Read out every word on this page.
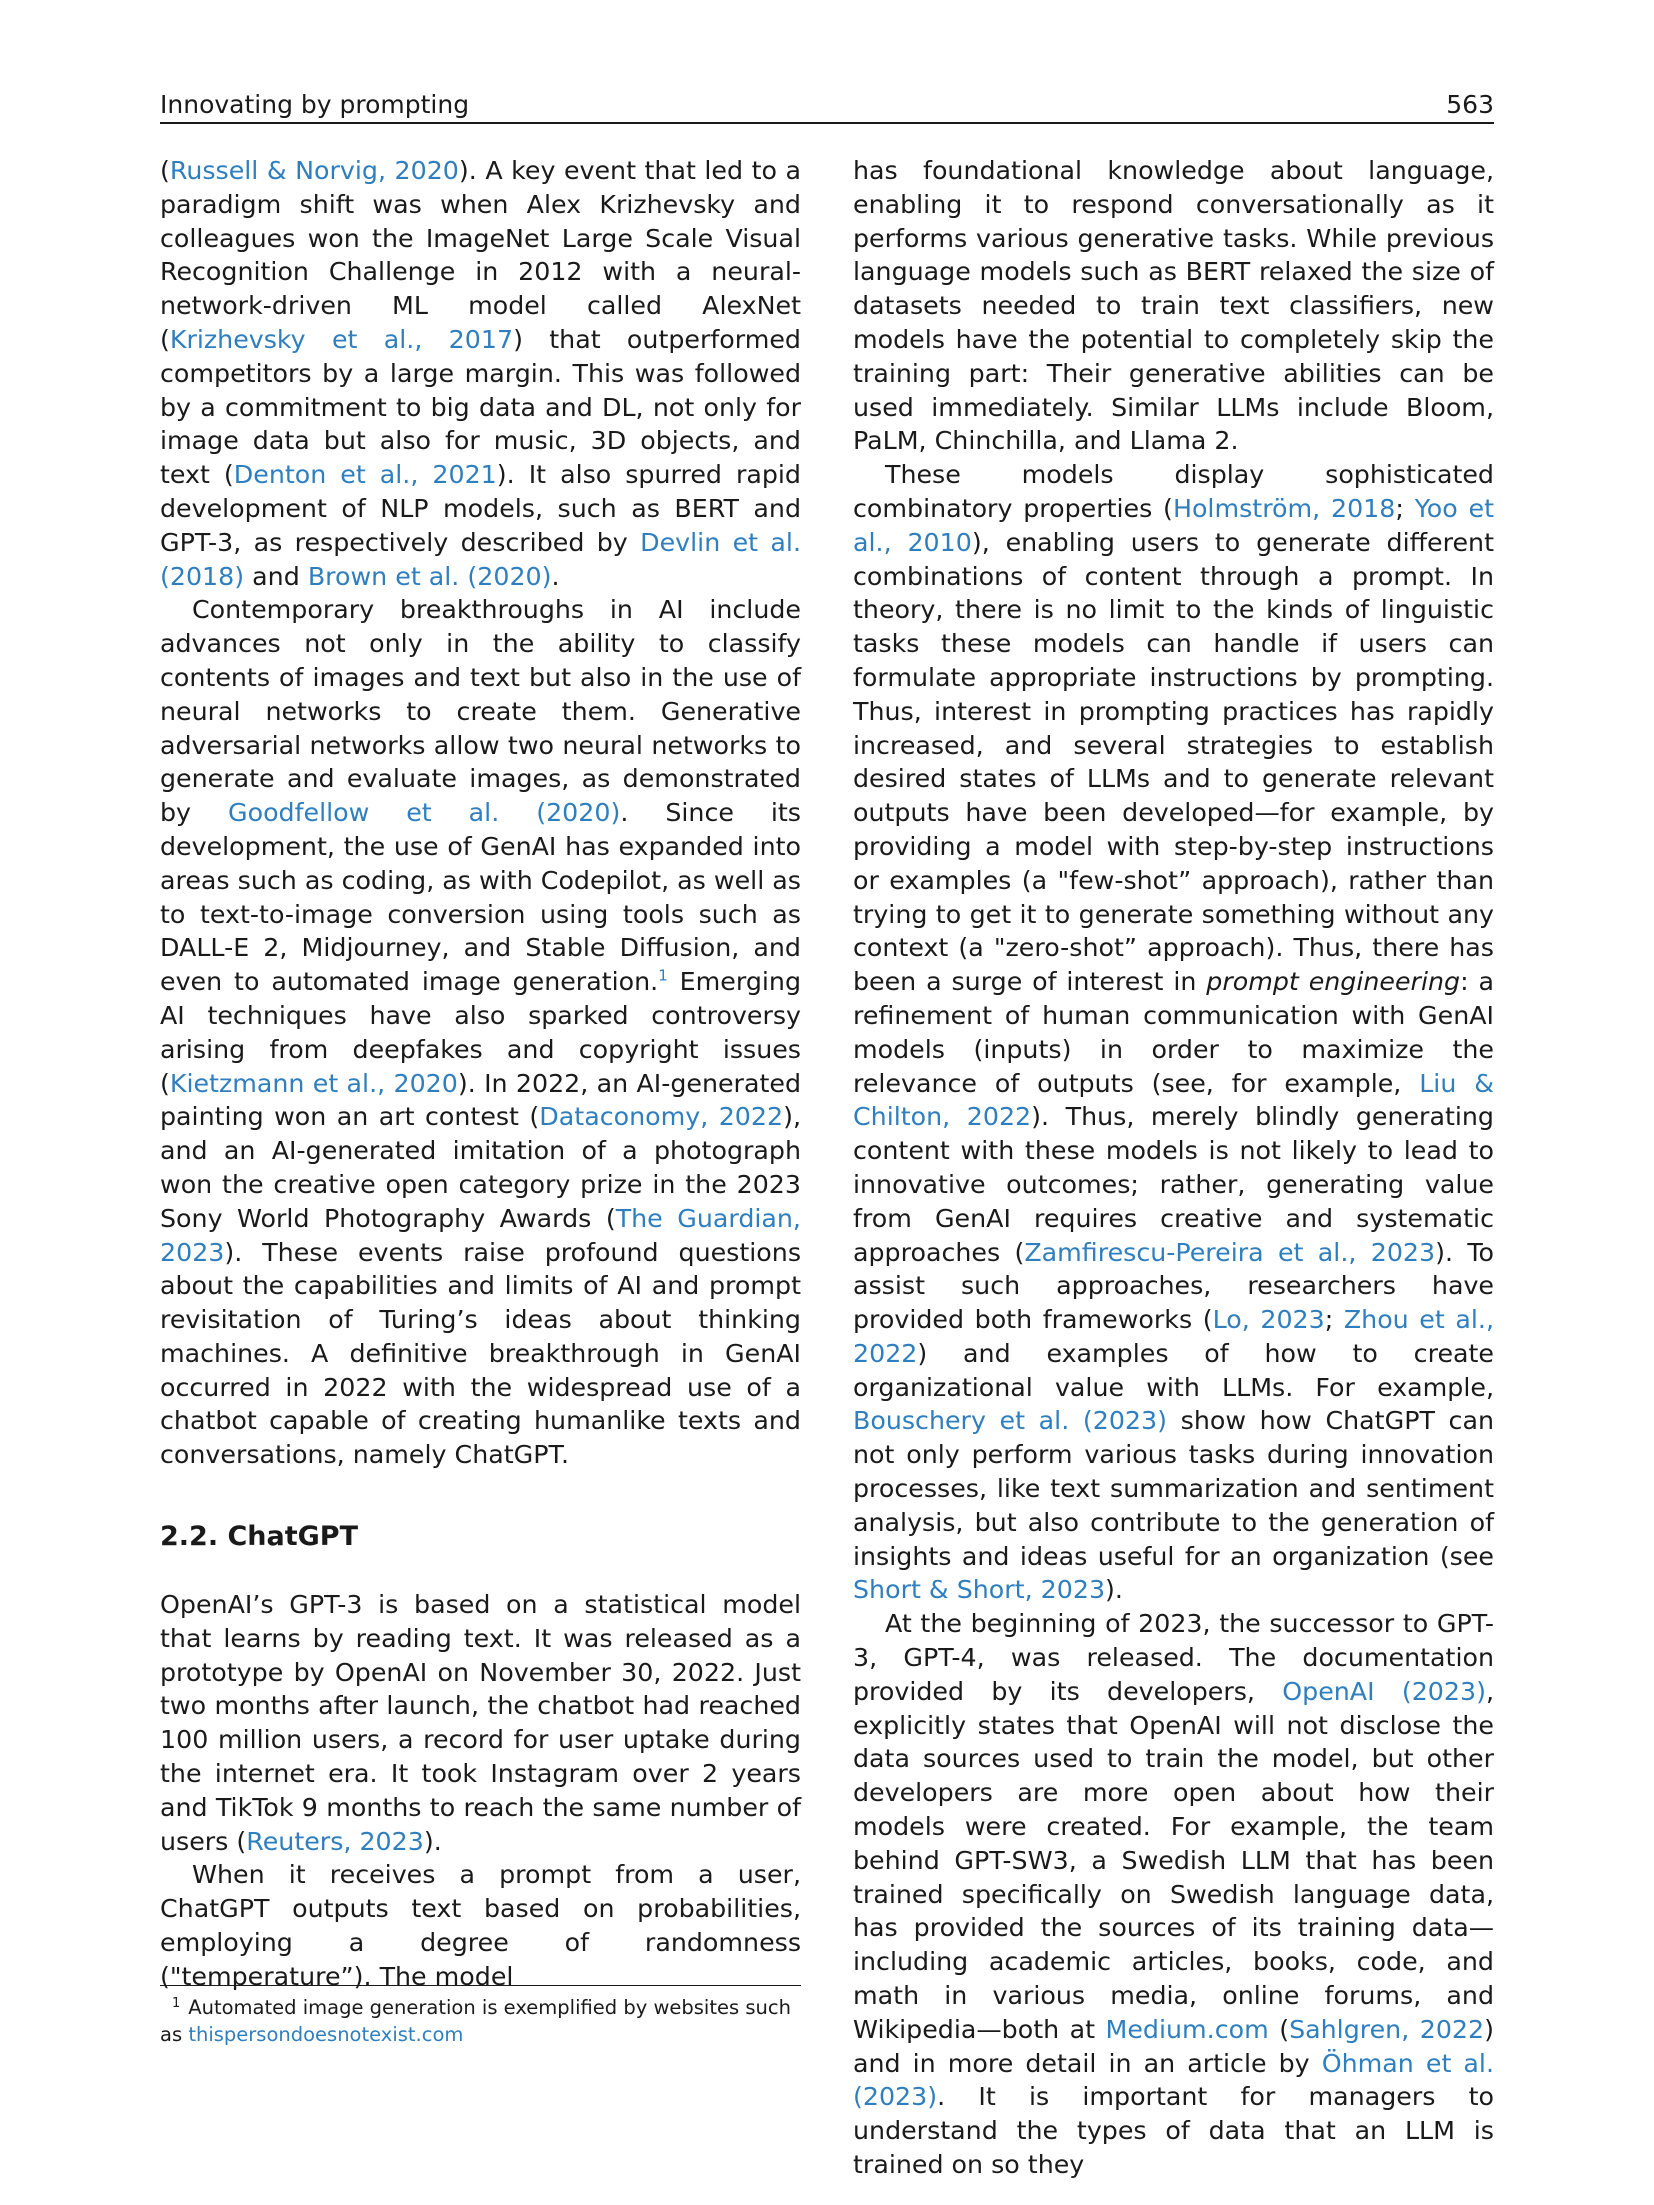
Innovating by prompting	563

(Russell & Norvig, 2020). A key event that led to a paradigm shift was when Alex Krizhevsky and colleagues won the ImageNet Large Scale Visual Recognition Challenge in 2012 with a neural-network-driven ML model called AlexNet (Krizhevsky et al., 2017) that outperformed competitors by a large margin. This was followed by a commitment to big data and DL, not only for image data but also for music, 3D objects, and text (Denton et al., 2021). It also spurred rapid development of NLP models, such as BERT and GPT-3, as respectively described by Devlin et al. (2018) and Brown et al. (2020).

Contemporary breakthroughs in AI include advances not only in the ability to classify contents of images and text but also in the use of neural networks to create them. Generative adversarial networks allow two neural networks to generate and evaluate images, as demonstrated by Goodfellow et al. (2020). Since its development, the use of GenAI has expanded into areas such as coding, as with Codepilot, as well as to text-to-image conversion using tools such as DALL-E 2, Midjourney, and Stable Diffusion, and even to automated image generation.$^1$ Emerging AI techniques have also sparked controversy arising from deepfakes and copyright issues (Kietzmann et al., 2020). In 2022, an AI-generated painting won an art contest (Dataconomy, 2022), and an AI-generated imitation of a photograph won the creative open category prize in the 2023 Sony World Photography Awards (The Guardian, 2023). These events raise profound questions about the capabilities and limits of AI and prompt revisitation of Turing’s ideas about thinking machines. A definitive breakthrough in GenAI occurred in 2022 with the widespread use of a chatbot capable of creating humanlike texts and conversations, namely ChatGPT.

2.2. ChatGPT

OpenAI’s GPT-3 is based on a statistical model that learns by reading text. It was released as a prototype by OpenAI on November 30, 2022. Just two months after launch, the chatbot had reached 100 million users, a record for user uptake during the internet era. It took Instagram over 2 years and TikTok 9 months to reach the same number of users (Reuters, 2023).

When it receives a prompt from a user, ChatGPT outputs text based on probabilities, employing a degree of randomness ("temperature”). The model

has foundational knowledge about language, enabling it to respond conversationally as it performs various generative tasks. While previous language models such as BERT relaxed the size of datasets needed to train text classifiers, new models have the potential to completely skip the training part: Their generative abilities can be used immediately. Similar LLMs include Bloom, PaLM, Chinchilla, and Llama 2.

These models display sophisticated combinatory properties (Holmström, 2018; Yoo et al., 2010), enabling users to generate different combinations of content through a prompt. In theory, there is no limit to the kinds of linguistic tasks these models can handle if users can formulate appropriate instructions by prompting. Thus, interest in prompting practices has rapidly increased, and several strategies to establish desired states of LLMs and to generate relevant outputs have been developed—for example, by providing a model with step-by-step instructions or examples (a "few-shot” approach), rather than trying to get it to generate something without any context (a "zero-shot” approach). Thus, there has been a surge of interest in prompt engineering: a refinement of human communication with GenAI models (inputs) in order to maximize the relevance of outputs (see, for example, Liu & Chilton, 2022). Thus, merely blindly generating content with these models is not likely to lead to innovative outcomes; rather, generating value from GenAI requires creative and systematic approaches (Zamfirescu-Pereira et al., 2023). To assist such approaches, researchers have provided both frameworks (Lo, 2023; Zhou et al., 2022) and examples of how to create organizational value with LLMs. For example, Bouschery et al. (2023) show how ChatGPT can not only perform various tasks during innovation processes, like text summarization and sentiment analysis, but also contribute to the generation of insights and ideas useful for an organization (see Short & Short, 2023).

At the beginning of 2023, the successor to GPT-3, GPT-4, was released. The documentation provided by its developers, OpenAI (2023), explicitly states that OpenAI will not disclose the data sources used to train the model, but other developers are more open about how their models were created. For example, the team behind GPT-SW3, a Swedish LLM that has been trained specifically on Swedish language data, has provided the sources of its training data—including academic articles, books, code, and math in various media, online forums, and Wikipedia—both at Medium.com (Sahlgren, 2022) and in more detail in an article by Öhman et al. (2023). It is important for managers to understand the types of data that an LLM is trained on so they

$^1$ Automated image generation is exemplified by websites such as thispersondoesnotexist.com
